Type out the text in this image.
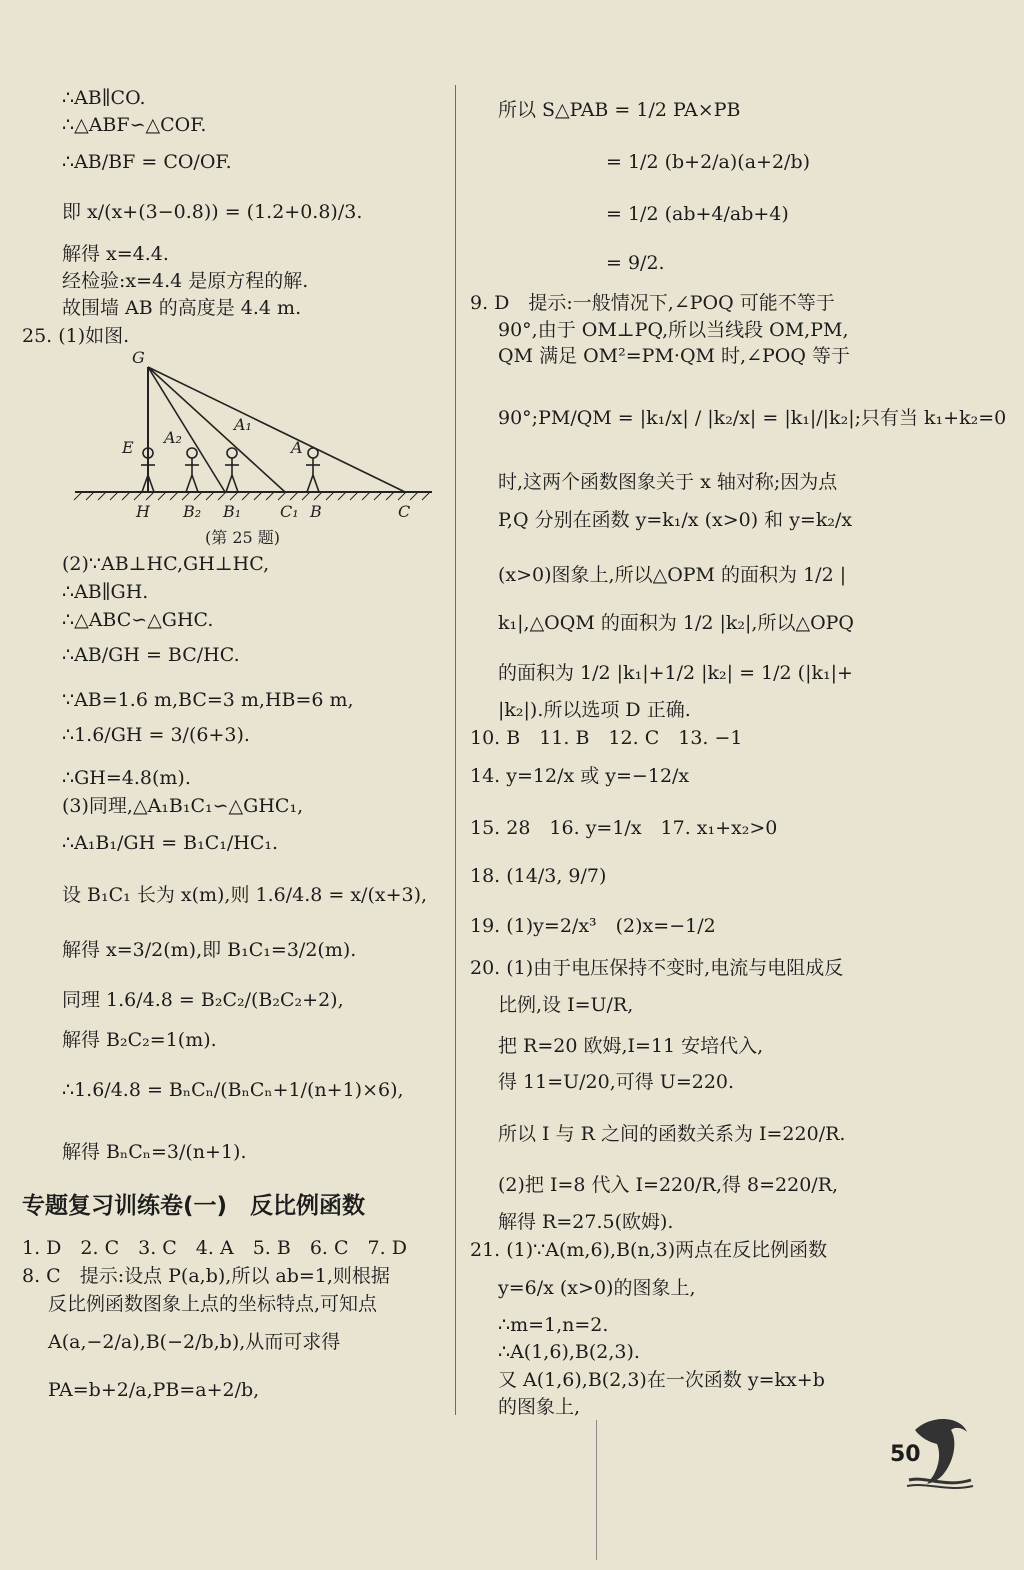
∴AB∥CO.
∴△ABF∽△COF.
∴AB/BF = CO/OF.
即 x/(x+(3−0.8)) = (1.2+0.8)/3.
解得 x=4.4.
经检验:x=4.4 是原方程的解.
故围墙 AB 的高度是 4.4 m.
25. (1)如图.
G
E
A₂
A₁
A
H B₂ B₁ C₁ B	C
(第 25 题)
(2)∵AB⊥HC,GH⊥HC,
∴AB∥GH.
∴△ABC∽△GHC.
∴AB/GH = BC/HC.
∵AB=1.6 m,BC=3 m,HB=6 m,
∴1.6/GH = 3/(6+3).
∴GH=4.8(m).
(3)同理,△A₁B₁C₁∽△GHC₁,
∴A₁B₁/GH = B₁C₁/HC₁.
设 B₁C₁ 长为 x(m),则 1.6/4.8 = x/(x+3),
解得 x=3/2(m),即 B₁C₁=3/2(m).
同理 1.6/4.8 = B₂C₂/(B₂C₂+2),
解得 B₂C₂=1(m).
∴1.6/4.8 = BₙCₙ/(BₙCₙ+1/(n+1)×6),
解得 BₙCₙ=3/(n+1).
专题复习训练卷(一)　反比例函数
1. D　2. C　3. C　4. A　5. B　6. C　7. D
8. C　提示:设点 P(a,b),所以 ab=1,则根据
反比例函数图象上点的坐标特点,可知点
A(a,−2/a),B(−2/b,b),从而可求得
PA=b+2/a,PB=a+2/b,
所以 S△PAB = 1/2 PA×PB
= 1/2 (b+2/a)(a+2/b)
= 1/2 (ab+4/ab+4)
= 9/2.
9. D　提示:一般情况下,∠POQ 可能不等于
90°,由于 OM⊥PQ,所以当线段 OM,PM,
QM 满足 OM²=PM·QM 时,∠POQ 等于
90°;PM/QM = |k₁/x| / |k₂/x| = |k₁|/|k₂|;只有当 k₁+k₂=0
时,这两个函数图象关于 x 轴对称;因为点
P,Q 分别在函数 y=k₁/x (x>0) 和 y=k₂/x
(x>0)图象上,所以△OPM 的面积为 1/2 |
k₁|,△OQM 的面积为 1/2 |k₂|,所以△OPQ
的面积为 1/2 |k₁|+1/2 |k₂| = 1/2 (|k₁|+
|k₂|).所以选项 D 正确.
10. B　11. B　12. C　13. −1
14. y=12/x 或 y=−12/x
15. 28　16. y=1/x　17. x₁+x₂>0
18. (14/3, 9/7)
19. (1)y=2/x³　(2)x=−1/2
20. (1)由于电压保持不变时,电流与电阻成反
比例,设 I=U/R,
把 R=20 欧姆,I=11 安培代入,
得 11=U/20,可得 U=220.
所以 I 与 R 之间的函数关系为 I=220/R.
(2)把 I=8 代入 I=220/R,得 8=220/R,
解得 R=27.5(欧姆).
21. (1)∵A(m,6),B(n,3)两点在反比例函数
y=6/x (x>0)的图象上,
∴m=1,n=2.
∴A(1,6),B(2,3).
又 A(1,6),B(2,3)在一次函数 y=kx+b
的图象上,
50
